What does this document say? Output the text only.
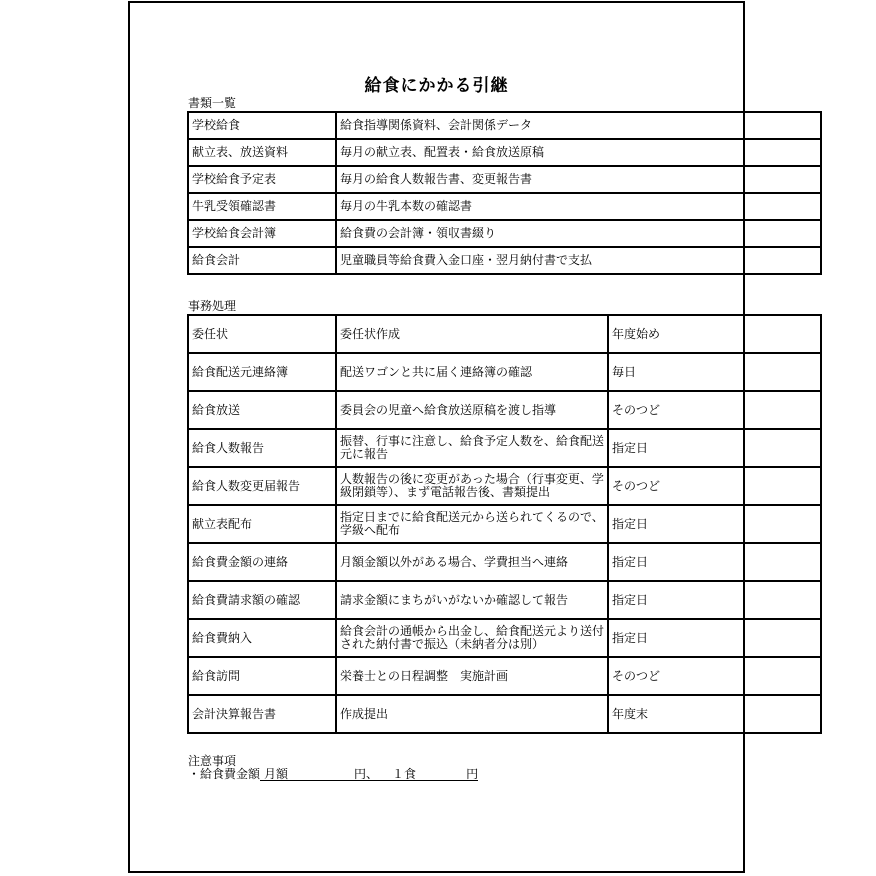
給食にかかる引継
書類一覧
学校給食	給食指導関係資料、会計関係データ
献立表、放送資料	毎月の献立表、配置表・給食放送原稿
学校給食予定表	毎月の給食人数報告書、変更報告書
牛乳受領確認書	毎月の牛乳本数の確認書
学校給食会計簿	給食費の会計簿・領収書綴り
給食会計	児童職員等給食費入金口座・翌月納付書で支払
事務処理
委任状	委任状作成	年度始め
給食配送元連絡簿	配送ワゴンと共に届く連絡簿の確認	毎日
給食放送	委員会の児童へ給食放送原稿を渡し指導	そのつど
給食人数報告	振替、行事に注意し、給食予定人数を、給食配送元に報告	指定日
給食人数変更届報告	人数報告の後に変更があった場合（行事変更、学級閉鎖等）、まず電話報告後、書類提出	そのつど
献立表配布	指定日までに給食配送元から送られてくるので、学級へ配布	指定日
給食費金額の連絡	月額金額以外がある場合、学費担当へ連絡	指定日
給食費請求額の確認	請求金額にまちがいがないか確認して報告	指定日
給食費納入	給食会計の通帳から出金し、給食配送元より送付された納付書で振込（未納者分は別）	指定日
給食訪問	栄養士との日程調整　実施計画	そのつど
会計決算報告書	作成提出	年度末
注意事項
・給食費金額 月額	円、 １食	円
